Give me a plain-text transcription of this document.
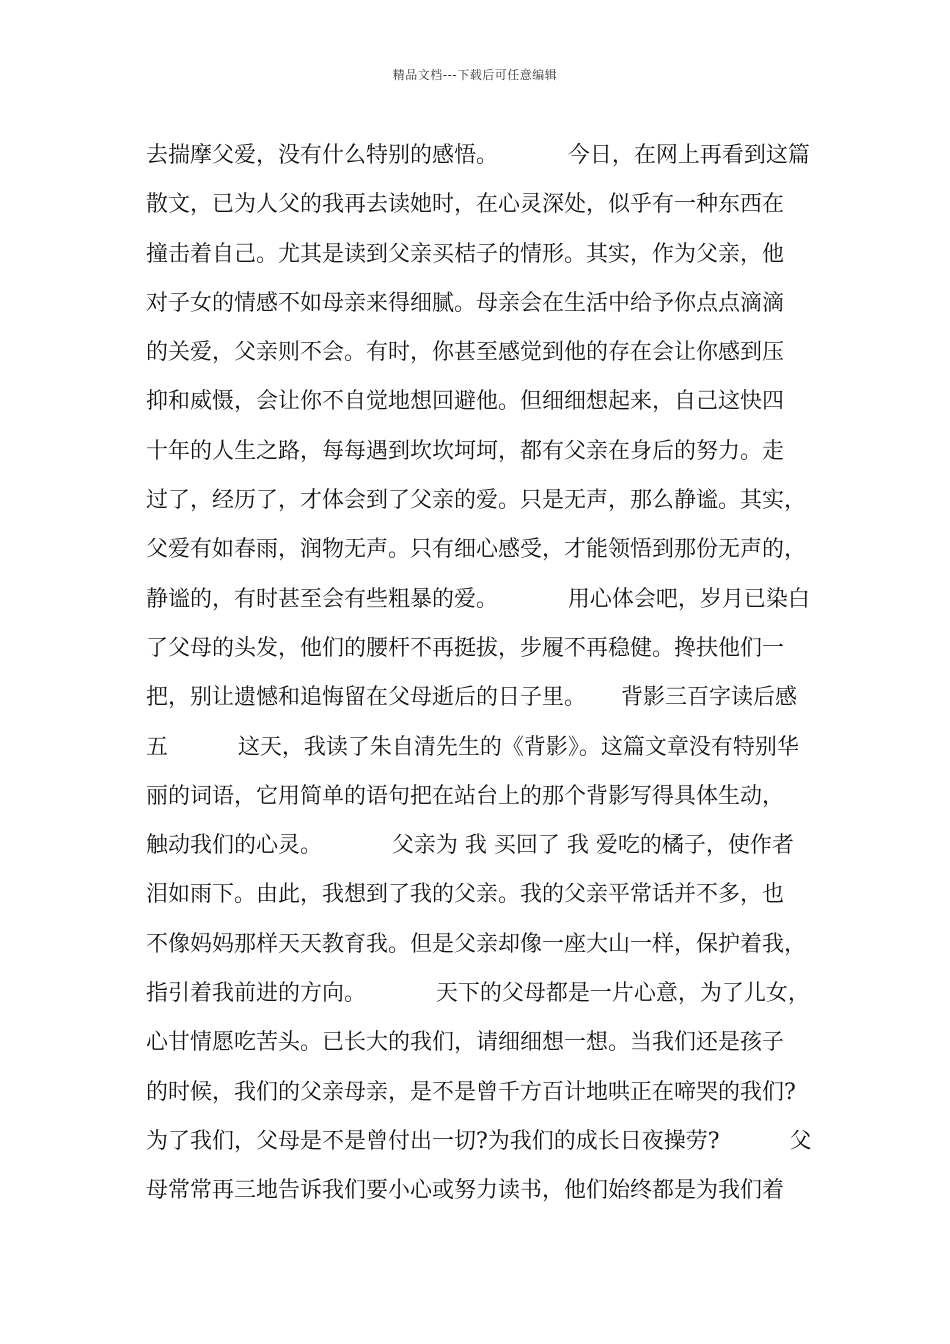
精品文档---下载后可任意编辑
去揣摩父爱，没有什么特别的感悟。          今日，在网上再看到这篇
散文，已为人父的我再去读她时，在心灵深处，似乎有一种东西在
撞击着自己。尤其是读到父亲买桔子的情形。其实，作为父亲，他
对子女的情感不如母亲来得细腻。母亲会在生活中给予你点点滴滴
的关爱，父亲则不会。有时，你甚至感觉到他的存在会让你感到压
抑和威慑，会让你不自觉地想回避他。但细细想起来，自己这快四
十年的人生之路，每每遇到坎坎坷坷，都有父亲在身后的努力。走
过了，经历了，才体会到了父亲的爱。只是无声，那么静谧。其实，
父爱有如春雨，润物无声。只有细心感受，才能领悟到那份无声的，
静谧的，有时甚至会有些粗暴的爱。          用心体会吧，岁月已染白
了父母的头发，他们的腰杆不再挺拔，步履不再稳健。搀扶他们一
把，别让遗憾和追悔留在父母逝后的日子里。     背影三百字读后感
五          这天，我读了朱自清先生的《背影》。这篇文章没有特别华
丽的词语，它用简单的语句把在站台上的那个背影写得具体生动，
触动我们的心灵。          父亲为 我 买回了 我 爱吃的橘子，使作者
泪如雨下。由此，我想到了我的父亲。我的父亲平常话并不多，也
不像妈妈那样天天教育我。但是父亲却像一座大山一样，保护着我，
指引着我前进的方向。          天下的父母都是一片心意，为了儿女，
心甘情愿吃苦头。已长大的我们，请细细想一想。当我们还是孩子
的时候，我们的父亲母亲，是不是曾千方百计地哄正在啼哭的我们?
为了我们，父母是不是曾付出一切?为我们的成长日夜操劳?          父
母常常再三地告诉我们要小心或努力读书，他们始终都是为我们着
